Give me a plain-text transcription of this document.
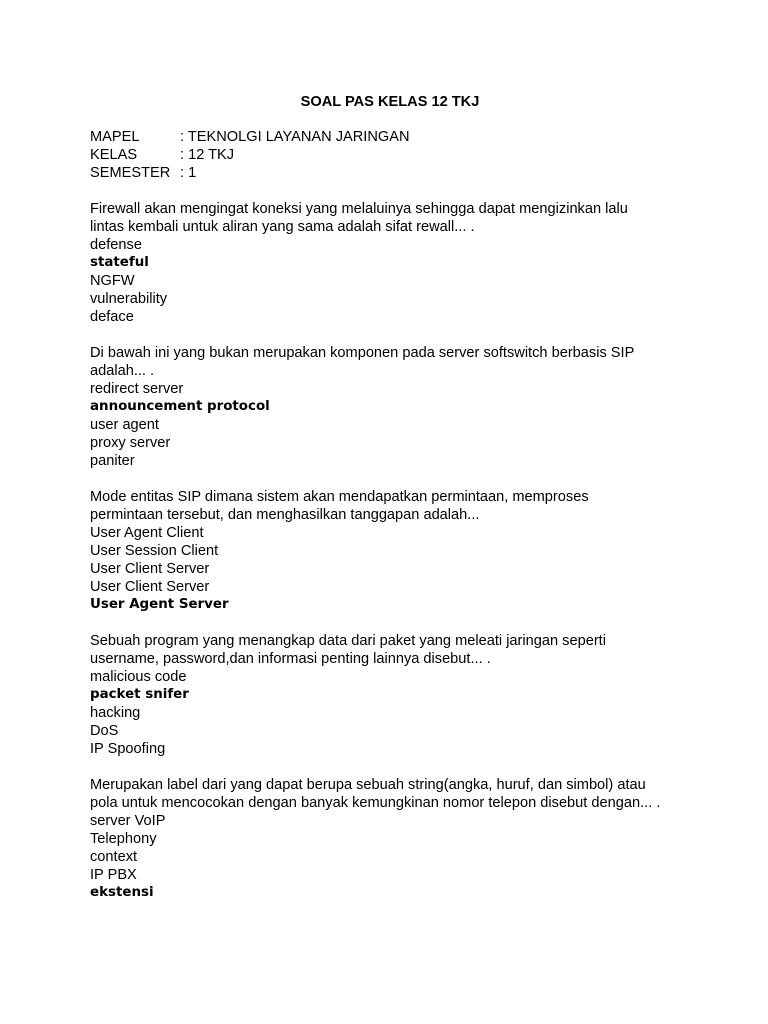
SOAL PAS KELAS 12 TKJ
MAPEL	: TEKNOLGI LAYANAN JARINGAN
KELAS	: 12 TKJ
SEMESTER : 1
Firewall akan mengingat koneksi yang melaluinya sehingga dapat mengizinkan lalu
lintas kembali untuk aliran yang sama adalah sifat rewall... .
defense
stateful
NGFW
vulnerability
deface
Di bawah ini yang bukan merupakan komponen pada server softswitch berbasis SIP
adalah... .
redirect server
announcement protocol
user agent
proxy server
paniter
Mode entitas SIP dimana sistem akan mendapatkan permintaan, memproses
permintaan tersebut, dan menghasilkan tanggapan adalah...
User Agent Client
User Session Client
User Client Server
User Client Server
User Agent Server
Sebuah program yang menangkap data dari paket yang meleati jaringan seperti
username, password,dan informasi penting lainnya disebut... .
malicious code
packet snifer
hacking
DoS
IP Spoofing
Merupakan label dari yang dapat berupa sebuah string(angka, huruf, dan simbol) atau
pola untuk mencocokan dengan banyak kemungkinan nomor telepon disebut dengan... .
server VoIP
Telephony
context
IP PBX
ekstensi
